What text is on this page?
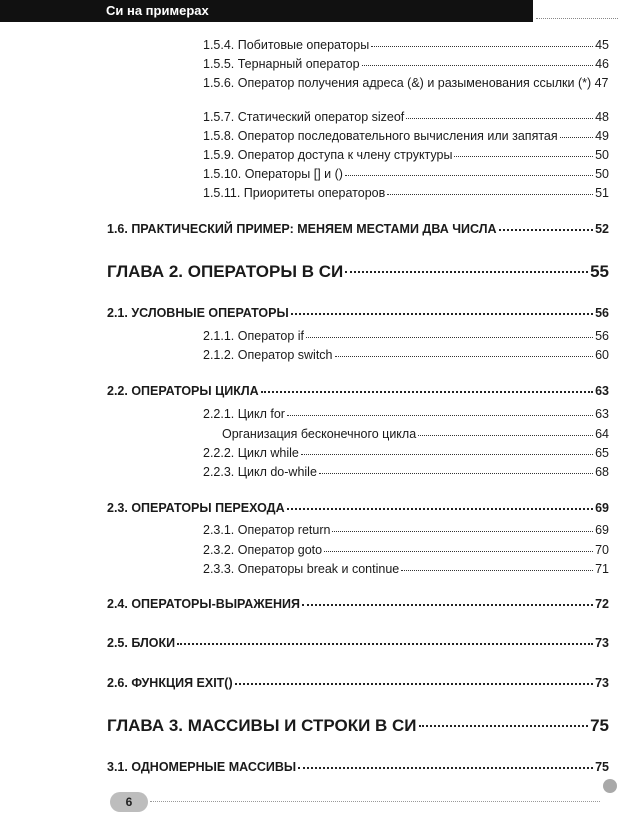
Си на примерах
1.5.4. Побитовые операторы	45
1.5.5. Тернарный оператор	46
1.5.6. Оператор получения адреса (&) и разыменования ссылки (*) 47
1.5.7. Статический оператор sizeof	48
1.5.8. Оператор последовательного вычисления или запятая	49
1.5.9. Оператор доступа к члену структуры	50
1.5.10. Операторы [] и ()	50
1.5.11. Приоритеты операторов	51
1.6. ПРАКТИЧЕСКИЙ ПРИМЕР: МЕНЯЕМ МЕСТАМИ ДВА ЧИСЛА	52
ГЛАВА 2. ОПЕРАТОРЫ В СИ	55
2.1. УСЛОВНЫЕ ОПЕРАТОРЫ	56
2.1.1. Оператор if	56
2.1.2. Оператор switch	60
2.2. ОПЕРАТОРЫ ЦИКЛА	63
2.2.1. Цикл for	63
Организация бесконечного цикла	64
2.2.2. Цикл while	65
2.2.3. Цикл do-while	68
2.3. ОПЕРАТОРЫ ПЕРЕХОДА	69
2.3.1. Оператор return	69
2.3.2. Оператор goto	70
2.3.3. Операторы break и continue	71
2.4. ОПЕРАТОРЫ-ВЫРАЖЕНИЯ	72
2.5. БЛОКИ	73
2.6. ФУНКЦИЯ EXIT()	73
ГЛАВА 3. МАССИВЫ И СТРОКИ В СИ	75
3.1. ОДНОМЕРНЫЕ МАССИВЫ	75
6
